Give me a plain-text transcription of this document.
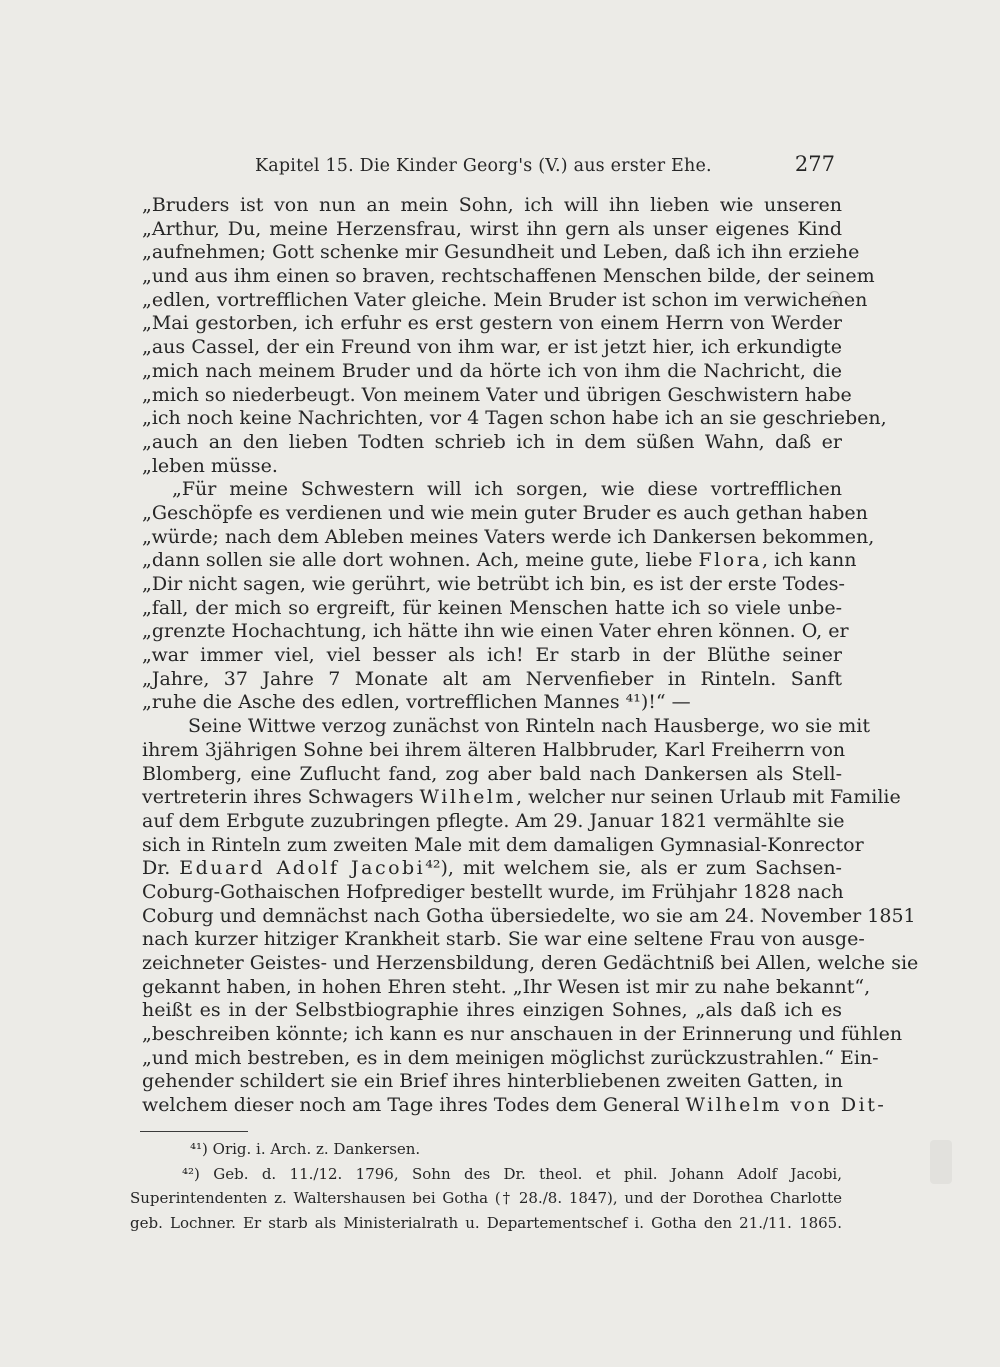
Kapitel 15. Die Kinder Georg's (V.) aus erster Ehe.	277
„Bruders ist von nun an mein Sohn, ich will ihn lieben wie unseren
„Arthur, Du, meine Herzensfrau, wirst ihn gern als unser eigenes Kind
„aufnehmen; Gott schenke mir Gesundheit und Leben, daß ich ihn erziehe
„und aus ihm einen so braven, rechtschaffenen Menschen bilde, der seinem
„edlen, vortrefflichen Vater gleiche. Mein Bruder ist schon im verwichenen
„Mai gestorben, ich erfuhr es erst gestern von einem Herrn von Werder
„aus Cassel, der ein Freund von ihm war, er ist jetzt hier, ich erkundigte
„mich nach meinem Bruder und da hörte ich von ihm die Nachricht, die
„mich so niederbeugt. Von meinem Vater und übrigen Geschwistern habe
„ich noch keine Nachrichten, vor 4 Tagen schon habe ich an sie geschrieben,
„auch an den lieben Todten schrieb ich in dem süßen Wahn, daß er
„leben müsse.
„Für meine Schwestern will ich sorgen, wie diese vortrefflichen
„Geschöpfe es verdienen und wie mein guter Bruder es auch gethan haben
„würde; nach dem Ableben meines Vaters werde ich Dankersen bekommen,
„dann sollen sie alle dort wohnen. Ach, meine gute, liebe Flora, ich kann
„Dir nicht sagen, wie gerührt, wie betrübt ich bin, es ist der erste Todes-
„fall, der mich so ergreift, für keinen Menschen hatte ich so viele unbe-
„grenzte Hochachtung, ich hätte ihn wie einen Vater ehren können. O, er
„war immer viel, viel besser als ich! Er starb in der Blüthe seiner
„Jahre, 37 Jahre 7 Monate alt am Nervenfieber in Rinteln. Sanft
„ruhe die Asche des edlen, vortrefflichen Mannes ⁴¹)!“ —
Seine Wittwe verzog zunächst von Rinteln nach Hausberge, wo sie mit
ihrem 3jährigen Sohne bei ihrem älteren Halbbruder, Karl Freiherrn von
Blomberg, eine Zuflucht fand, zog aber bald nach Dankersen als Stell-
vertreterin ihres Schwagers Wilhelm, welcher nur seinen Urlaub mit Familie
auf dem Erbgute zuzubringen pflegte. Am 29. Januar 1821 vermählte sie
sich in Rinteln zum zweiten Male mit dem damaligen Gymnasial-Konrector
Dr. Eduard Adolf Jacobi⁴²), mit welchem sie, als er zum Sachsen-
Coburg-Gothaischen Hofprediger bestellt wurde, im Frühjahr 1828 nach
Coburg und demnächst nach Gotha übersiedelte, wo sie am 24. November 1851
nach kurzer hitziger Krankheit starb. Sie war eine seltene Frau von ausge-
zeichneter Geistes- und Herzensbildung, deren Gedächtniß bei Allen, welche sie
gekannt haben, in hohen Ehren steht. „Ihr Wesen ist mir zu nahe bekannt“,
heißt es in der Selbstbiographie ihres einzigen Sohnes, „als daß ich es
„beschreiben könnte; ich kann es nur anschauen in der Erinnerung und fühlen
„und mich bestreben, es in dem meinigen möglichst zurückzustrahlen.“ Ein-
gehender schildert sie ein Brief ihres hinterbliebenen zweiten Gatten, in
welchem dieser noch am Tage ihres Todes dem General Wilhelm von Dit-
⁴¹) Orig. i. Arch. z. Dankersen.
⁴²) Geb. d. 11./12. 1796, Sohn des Dr. theol. et phil. Johann Adolf Jacobi,
Superintendenten z. Waltershausen bei Gotha († 28./8. 1847), und der Dorothea Charlotte
geb. Lochner. Er starb als Ministerialrath u. Departementschef i. Gotha den 21./11. 1865.
